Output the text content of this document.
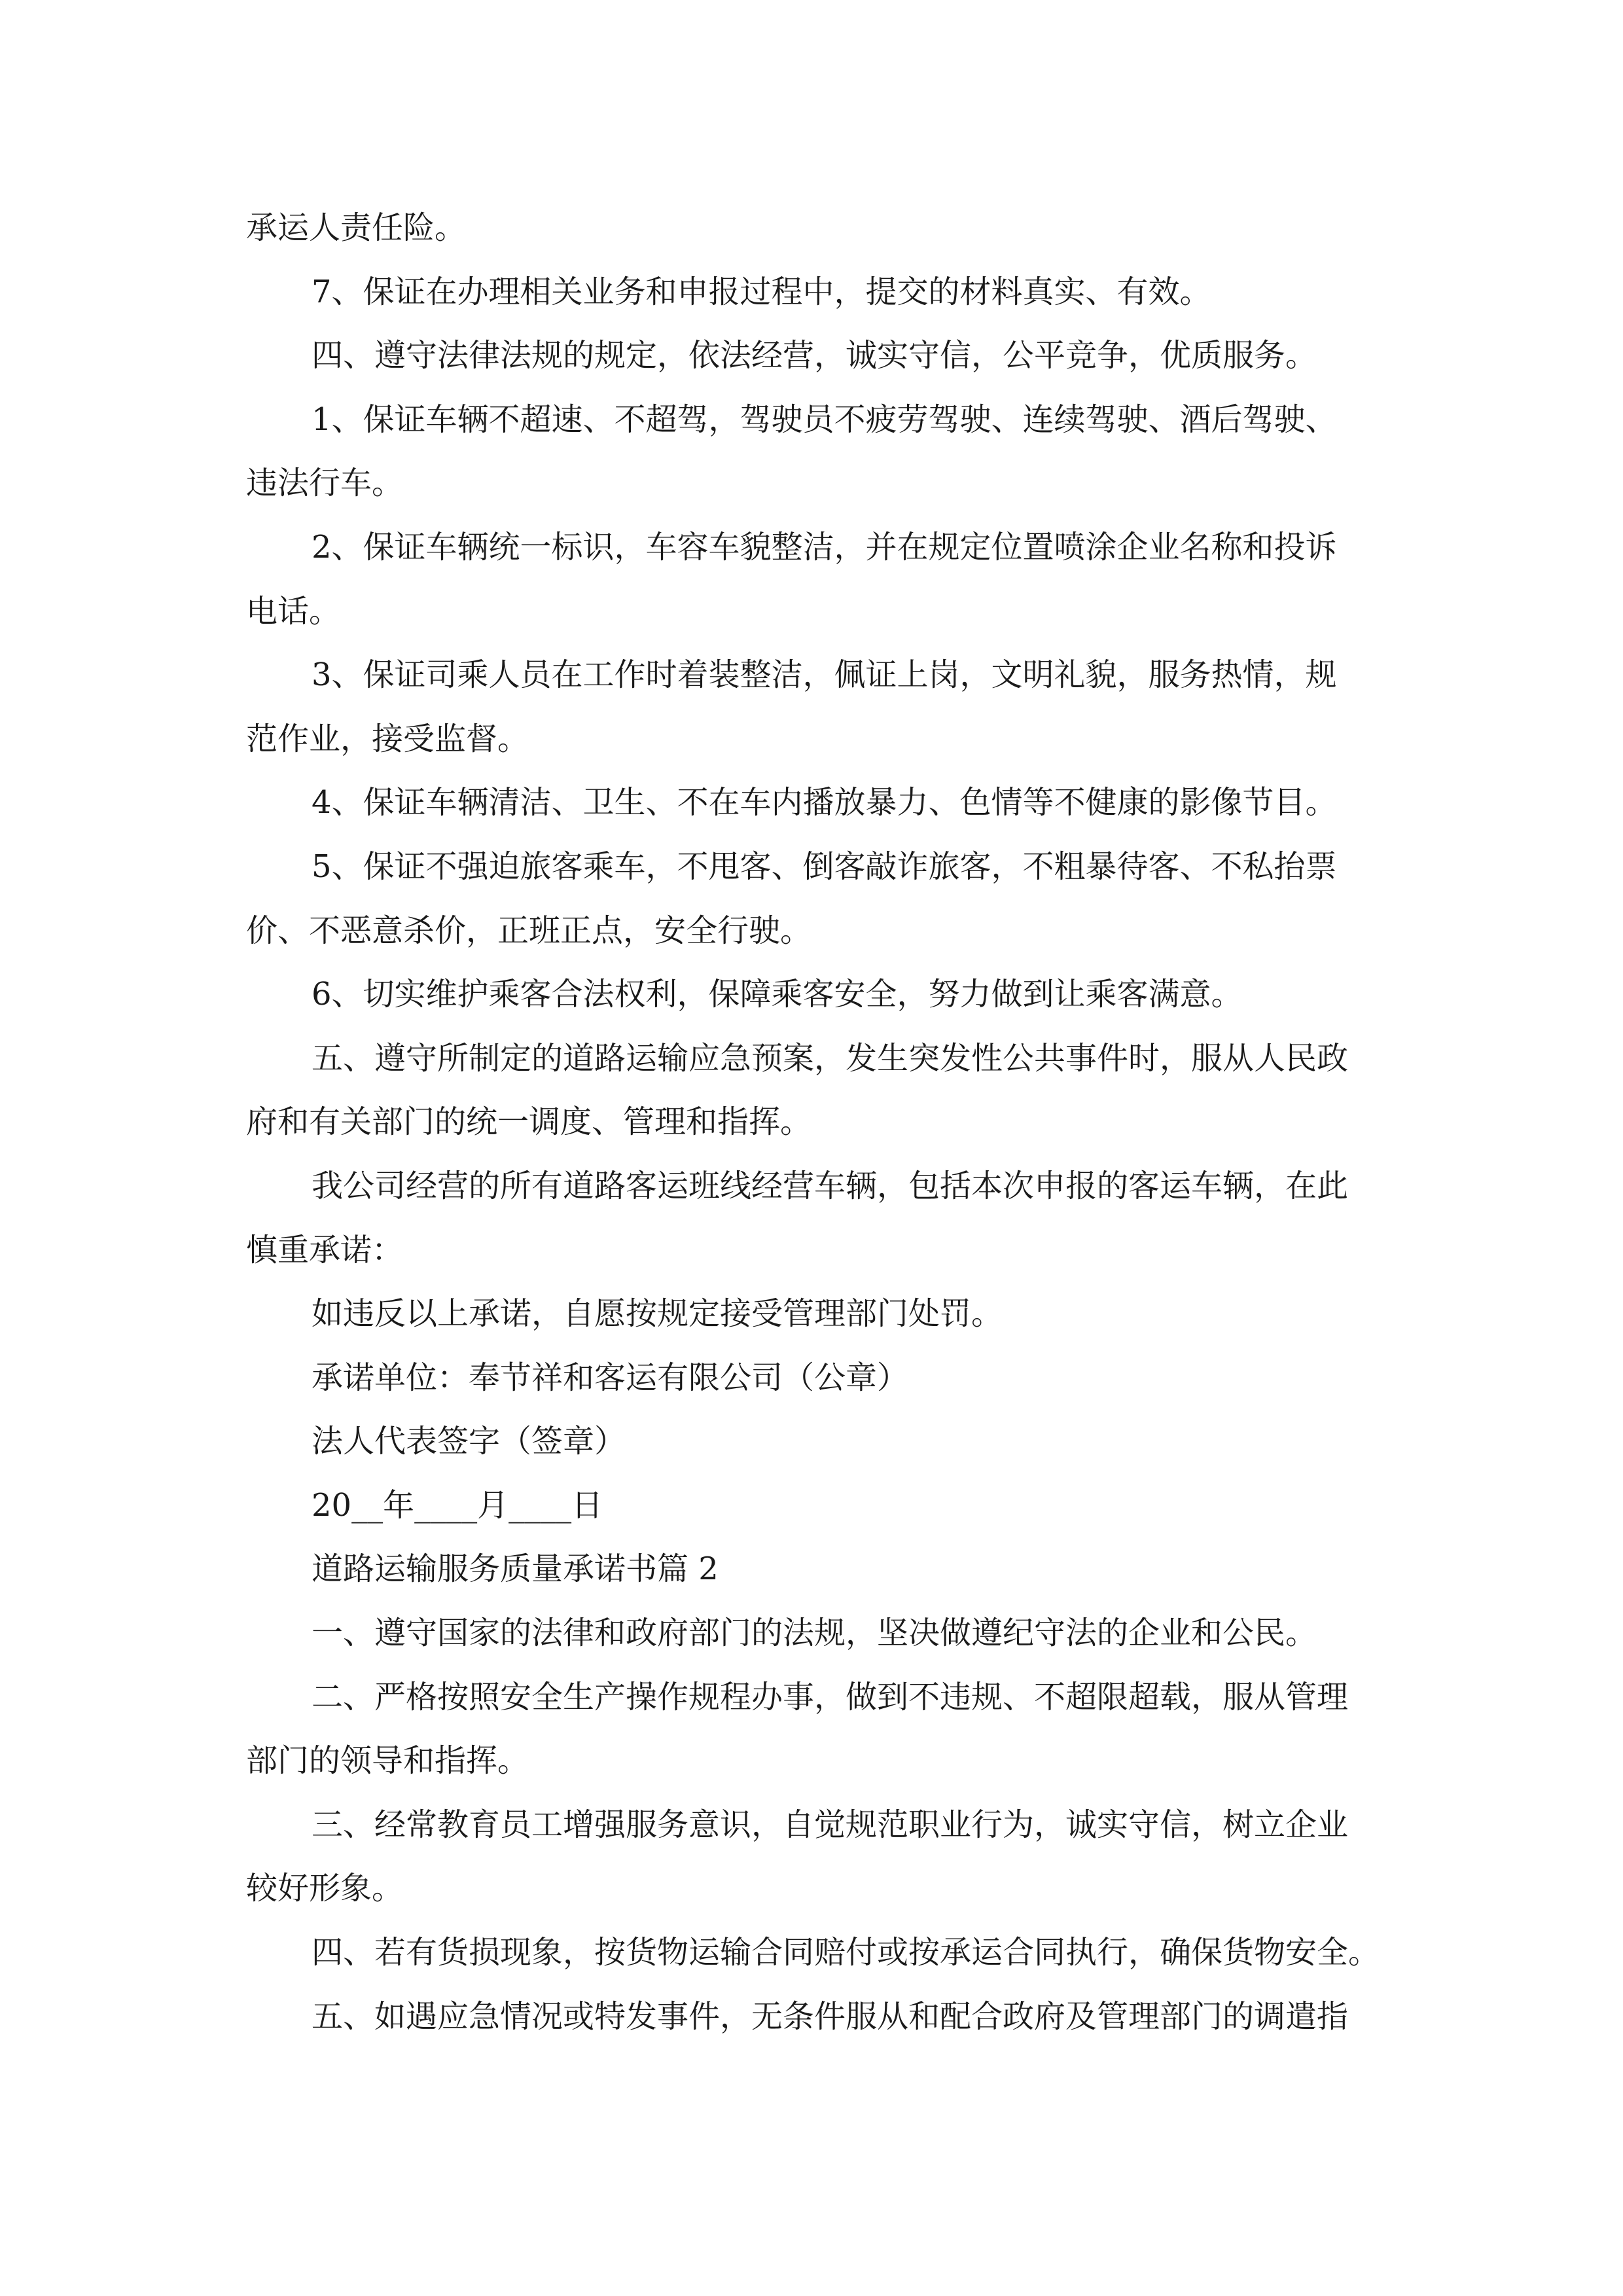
承运人责任险。

7、保证在办理相关业务和申报过程中，提交的材料真实、有效。

四、遵守法律法规的规定，依法经营，诚实守信，公平竞争，优质服务。

1、保证车辆不超速、不超驾，驾驶员不疲劳驾驶、连续驾驶、酒后驾驶、

违法行车。

2、保证车辆统一标识，车容车貌整洁，并在规定位置喷涂企业名称和投诉

电话。

3、保证司乘人员在工作时着装整洁，佩证上岗，文明礼貌，服务热情，规

范作业，接受监督。

4、保证车辆清洁、卫生、不在车内播放暴力、色情等不健康的影像节目。

5、保证不强迫旅客乘车，不甩客、倒客敲诈旅客，不粗暴待客、不私抬票

价、不恶意杀价，正班正点，安全行驶。

6、切实维护乘客合法权利，保障乘客安全，努力做到让乘客满意。

五、遵守所制定的道路运输应急预案，发生突发性公共事件时，服从人民政

府和有关部门的统一调度、管理和指挥。

我公司经营的所有道路客运班线经营车辆，包括本次申报的客运车辆，在此

慎重承诺：

如违反以上承诺，自愿按规定接受管理部门处罚。

承诺单位：奉节祥和客运有限公司（公章）

法人代表签字（签章）

20__年____月____日

道路运输服务质量承诺书篇 2

一、遵守国家的法律和政府部门的法规，坚决做遵纪守法的企业和公民。

二、严格按照安全生产操作规程办事，做到不违规、不超限超载，服从管理

部门的领导和指挥。

三、经常教育员工增强服务意识，自觉规范职业行为，诚实守信，树立企业

较好形象。

四、若有货损现象，按货物运输合同赔付或按承运合同执行，确保货物安全。

五、如遇应急情况或特发事件，无条件服从和配合政府及管理部门的调遣指
